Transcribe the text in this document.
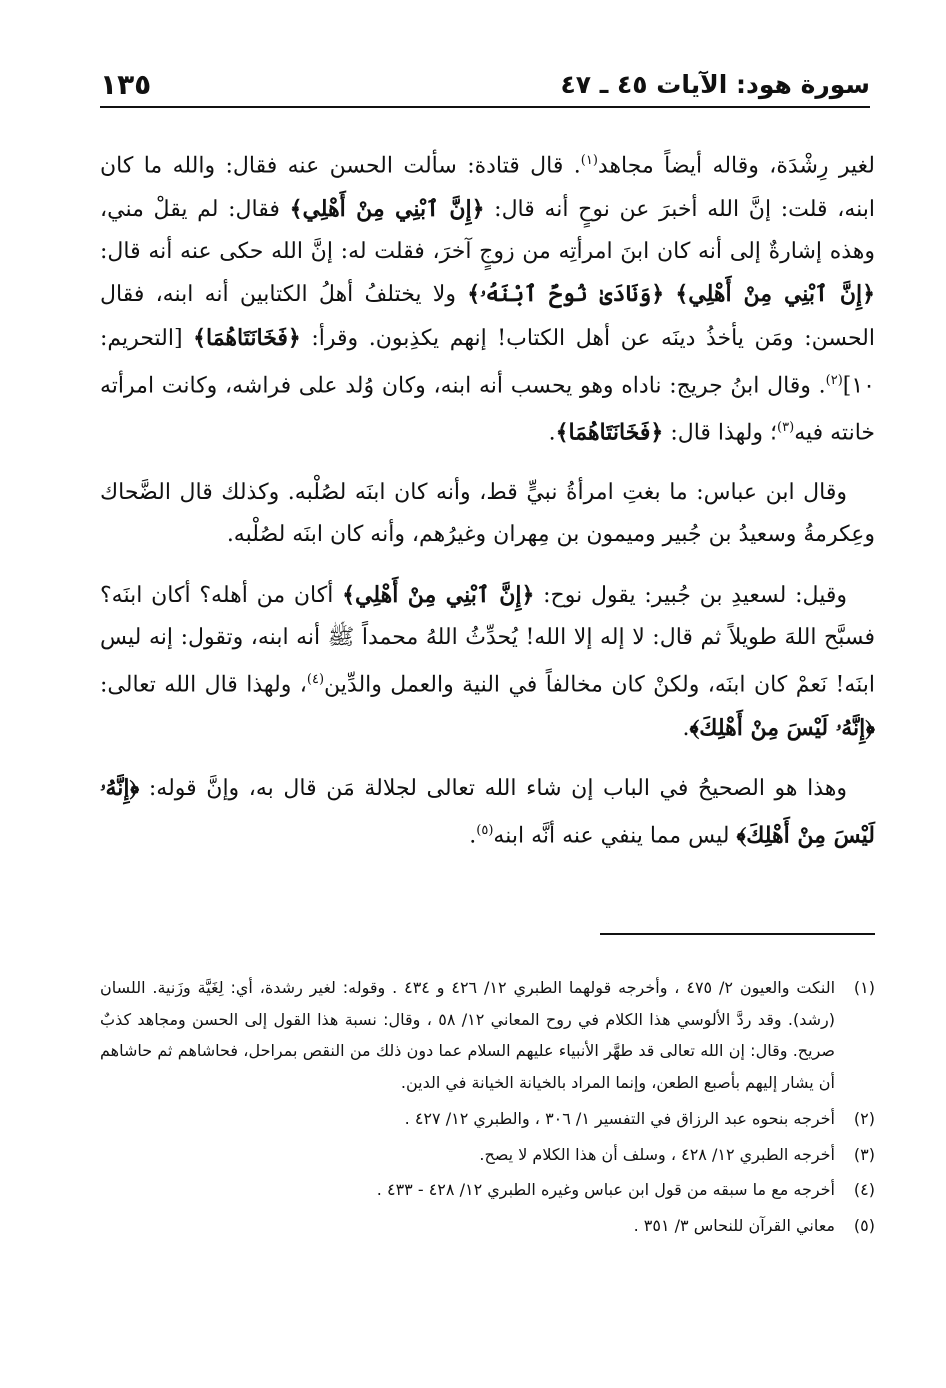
سورة هود: الآيات ٤٥ ـ ٤٧
١٣٥

لغير رِشْدَة، وقاله أيضاً مجاهد$^{(١)}$. قال قتادة: سألت الحسن عنه فقال: والله ما كان ابنه، قلت: إنَّ الله أخبرَ عن نوحٍ أنه قال: ﴿إِنَّ ٱبْنِي مِنْ أَهْلِي﴾ فقال: لم يقلْ مني، وهذه إشارةٌ إلى أنه كان ابنَ امرأتِه من زوجٍ آخرَ، فقلت له: إنَّ الله حكى عنه أنه قال: ﴿إِنَّ ٱبْنِي مِنْ أَهْلِي﴾ ﴿وَنَادَىٰ نُوحٌ ٱبْنَهُۥ﴾ ولا يختلفُ أهلُ الكتابين أنه ابنه، فقال الحسن: ومَن يأخذُ دينَه عن أهل الكتاب! إنهم يكذِبون. وقرأ: ﴿فَخَانَتَاهُمَا﴾ [التحريم: ١٠]$^{(٢)}$. وقال ابنُ جريج: ناداه وهو يحسب أنه ابنه، وكان وُلد على فراشه، وكانت امرأته خانته فيه$^{(٣)}$؛ ولهذا قال: ﴿فَخَانَتَاهُمَا﴾.

وقال ابن عباس: ما بغتِ امرأةُ نبيٍّ قط، وأنه كان ابنَه لصُلْبه. وكذلك قال الضَّحاك وعِكرمةُ وسعيدُ بن جُبير وميمون بن مِهران وغيرُهم، وأنه كان ابنَه لصُلْبه.

وقيل: لسعيدِ بن جُبير: يقول نوح: ﴿إِنَّ ٱبْنِي مِنْ أَهْلِي﴾ أكان من أهله؟ أكان ابنَه؟ فسبَّح اللهَ طويلاً ثم قال: لا إله إلا الله! يُحدِّثُ اللهُ محمداً ﷺ أنه ابنه، وتقول: إنه ليس ابنَه! نَعمْ كان ابنَه، ولكنْ كان مخالفاً في النية والعمل والدِّين$^{(٤)}$، ولهذا قال الله تعالى: ﴿إِنَّهُۥ لَيْسَ مِنْ أَهْلِكَ﴾.

وهذا هو الصحيحُ في الباب إن شاء الله تعالى لجلالة مَن قال به، وإنَّ قوله: ﴿إِنَّهُۥ لَيْسَ مِنْ أَهْلِكَ﴾ ليس مما ينفي عنه أنَّه ابنه$^{(٥)}$.

(١)
النكت والعيون ٢/ ٤٧٥ ، وأخرجه قولهما الطبري ١٢/ ٤٢٦ و ٤٣٤ . وقوله: لغير رشدة، أي: لِغَيَّة وزَنية. اللسان (رشد). وقد ردَّ الألوسي هذا الكلام في روح المعاني ١٢/ ٥٨ ، وقال: نسبة هذا القول إلى الحسن ومجاهد كذبٌ صريح. وقال: إن الله تعالى قد طهَّر الأنبياء عليهم السلام عما دون ذلك من النقص بمراحل، فحاشاهم ثم حاشاهم أن يشار إليهم بأصبع الطعن، وإنما المراد بالخيانة الخيانة في الدين.
(٢)
أخرجه بنحوه عبد الرزاق في التفسير ١/ ٣٠٦ ، والطبري ١٢/ ٤٢٧ .
(٣)
أخرجه الطبري ١٢/ ٤٢٨ ، وسلف أن هذا الكلام لا يصح.
(٤)
أخرجه مع ما سبقه من قول ابن عباس وغيره الطبري ١٢/ ٤٢٨ - ٤٣٣ .
(٥)
معاني القرآن للنحاس ٣/ ٣٥١ .
